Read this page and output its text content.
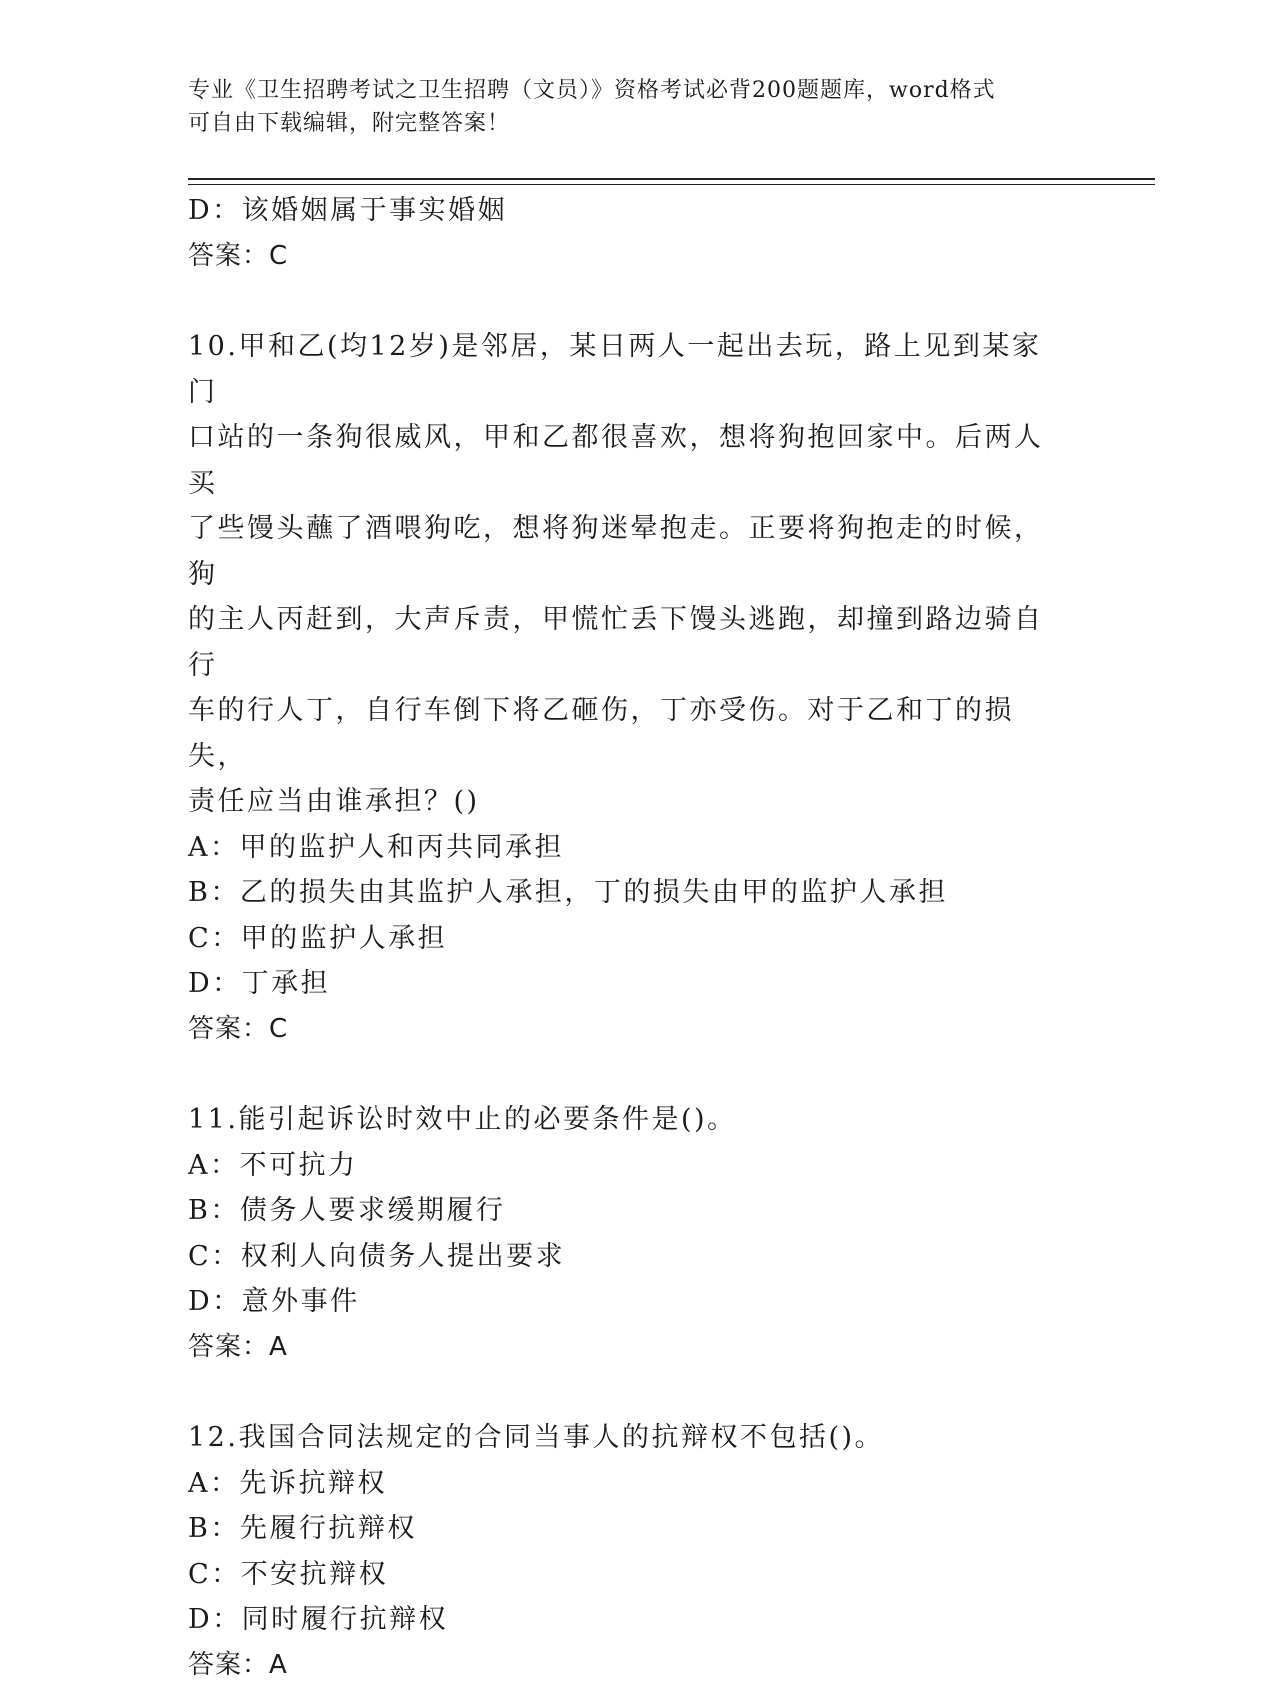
专业《卫生招聘考试之卫生招聘（文员）》资格考试必背200题题库，word格式
可自由下载编辑，附完整答案！
D：该婚姻属于事实婚姻
答案：C
10.甲和乙(均12岁)是邻居，某日两人一起出去玩，路上见到某家门
口站的一条狗很威风，甲和乙都很喜欢，想将狗抱回家中。后两人买
了些馒头蘸了酒喂狗吃，想将狗迷晕抱走。正要将狗抱走的时候，狗
的主人丙赶到，大声斥责，甲慌忙丢下馒头逃跑，却撞到路边骑自行
车的行人丁，自行车倒下将乙砸伤，丁亦受伤。对于乙和丁的损失，
责任应当由谁承担？()
A：甲的监护人和丙共同承担
B：乙的损失由其监护人承担，丁的损失由甲的监护人承担
C：甲的监护人承担
D：丁承担
答案：C
11.能引起诉讼时效中止的必要条件是()。
A：不可抗力
B：债务人要求缓期履行
C：权利人向债务人提出要求
D：意外事件
答案：A
12.我国合同法规定的合同当事人的抗辩权不包括()。
A：先诉抗辩权
B：先履行抗辩权
C：不安抗辩权
D：同时履行抗辩权
答案：A
